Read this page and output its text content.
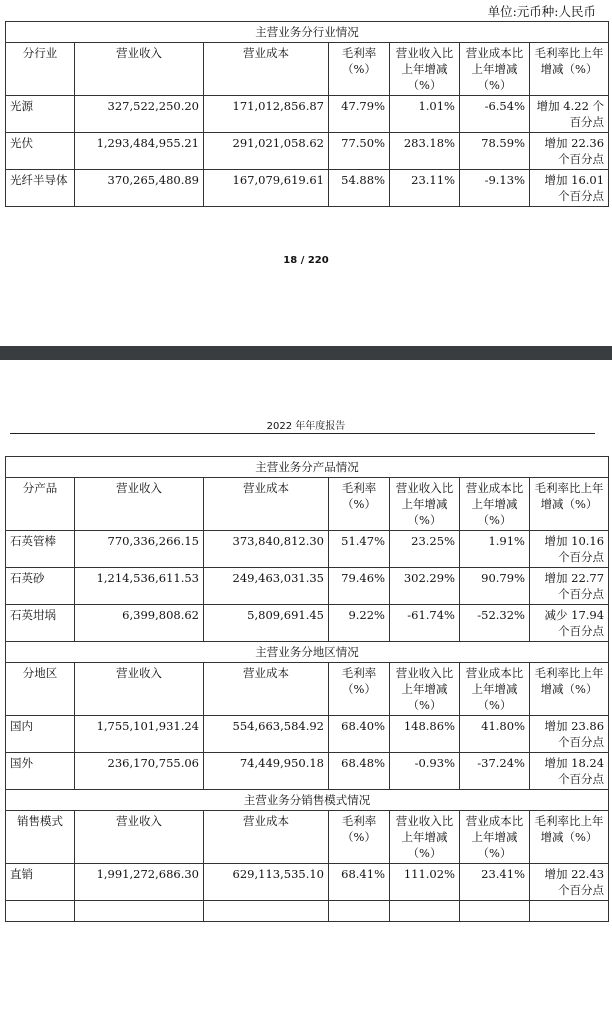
单位:元币种:人民币
主营业务分行业情况						
分行业	营业收入	营业成本	毛利率（%）	营业收入比上年增减（%）	营业成本比上年增减（%）	毛利率比上年增减（%）
光源	327,522,250.20	171,012,856.87	47.79%	1.01%	-6.54%	增加 4.22 个百分点
光伏	1,293,484,955.21	291,021,058.62	77.50%	283.18%	78.59%	增加 22.36 个百分点
光纤半导体	370,265,480.89	167,079,619.61	54.88%	23.11%	-9.13%	增加 16.01 个百分点
18 / 220
2022 年年度报告
主营业务分产品情况						
分产品	营业收入	营业成本	毛利率（%）	营业收入比上年增减（%）	营业成本比上年增减（%）	毛利率比上年增减（%）
石英管棒	770,336,266.15	373,840,812.30	51.47%	23.25%	1.91%	增加 10.16 个百分点
石英砂	1,214,536,611.53	249,463,031.35	79.46%	302.29%	90.79%	增加 22.77 个百分点
石英坩埚	6,399,808.62	5,809,691.45	9.22%	-61.74%	-52.32%	减少 17.94 个百分点
主营业务分地区情况						
分地区	营业收入	营业成本	毛利率（%）	营业收入比上年增减（%）	营业成本比上年增减（%）	毛利率比上年增减（%）
国内	1,755,101,931.24	554,663,584.92	68.40%	148.86%	41.80%	增加 23.86 个百分点
国外	236,170,755.06	74,449,950.18	68.48%	-0.93%	-37.24%	增加 18.24 个百分点
主营业务分销售模式情况						
销售模式	营业收入	营业成本	毛利率（%）	营业收入比上年增减（%）	营业成本比上年增减（%）	毛利率比上年增减（%）
直销	1,991,272,686.30	629,113,535.10	68.41%	111.02%	23.41%	增加 22.43 个百分点
